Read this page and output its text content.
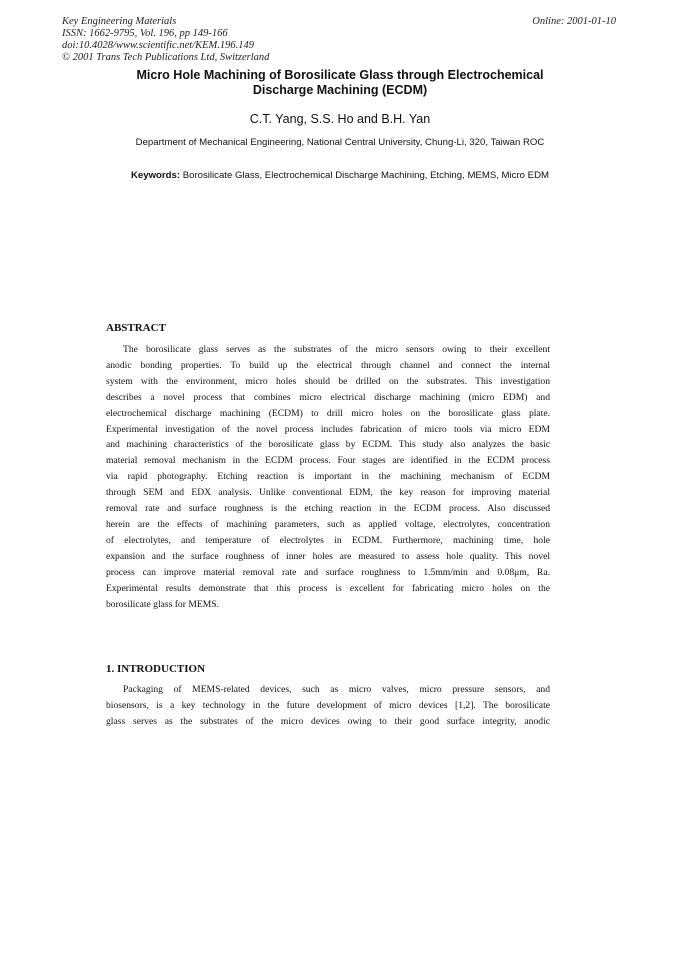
Key Engineering Materials
ISSN: 1662-9795, Vol. 196, pp 149-166
doi:10.4028/www.scientific.net/KEM.196.149
© 2001 Trans Tech Publications Ltd, Switzerland
Online: 2001-01-10
Micro Hole Machining of Borosilicate Glass through Electrochemical
Discharge Machining (ECDM)
C.T. Yang, S.S. Ho and B.H. Yan
Department of Mechanical Engineering, National Central University, Chung-Li, 320, Taiwan ROC
Keywords: Borosilicate Glass, Electrochemical Discharge Machining, Etching, MEMS, Micro EDM
ABSTRACT
The borosilicate glass serves as the substrates of the micro sensors owing to their excellent
anodic bonding properties. To build up the electrical through channel and connect the internal
system with the environment, micro holes should be drilled on the substrates. This investigation
describes a novel process that combines micro electrical discharge machining (micro EDM) and
electrochemical discharge machining (ECDM) to drill micro holes on the borosilicate glass plate.
Experimental investigation of the novel process includes fabrication of micro tools via micro EDM
and machining characteristics of the borosilicate glass by ECDM. This study also analyzes the basic
material removal mechanism in the ECDM process. Four stages are identified in the ECDM process
via rapid photography. Etching reaction is important in the machining mechanism of ECDM
through SEM and EDX analysis. Unlike conventional EDM, the key reason for improving material
removal rate and surface roughness is the etching reaction in the ECDM process. Also discussed
herein are the effects of machining parameters, such as applied voltage, electrolytes, concentration
of electrolytes, and temperature of electrolytes in ECDM. Furthermore, machining time, hole
expansion and the surface roughness of inner holes are measured to assess hole quality. This novel
process can improve material removal rate and surface roughness to 1.5mm/min and 0.08μm, Ra.
Experimental results demonstrate that this process is excellent for fabricating micro holes on the
borosilicate glass for MEMS.
1. INTRODUCTION
Packaging of MEMS-related devices, such as micro valves, micro pressure sensors, and
biosensors, is a key technology in the future development of micro devices [1,2]. The borosilicate
glass serves as the substrates of the micro devices owing to their good surface integrity, anodic
